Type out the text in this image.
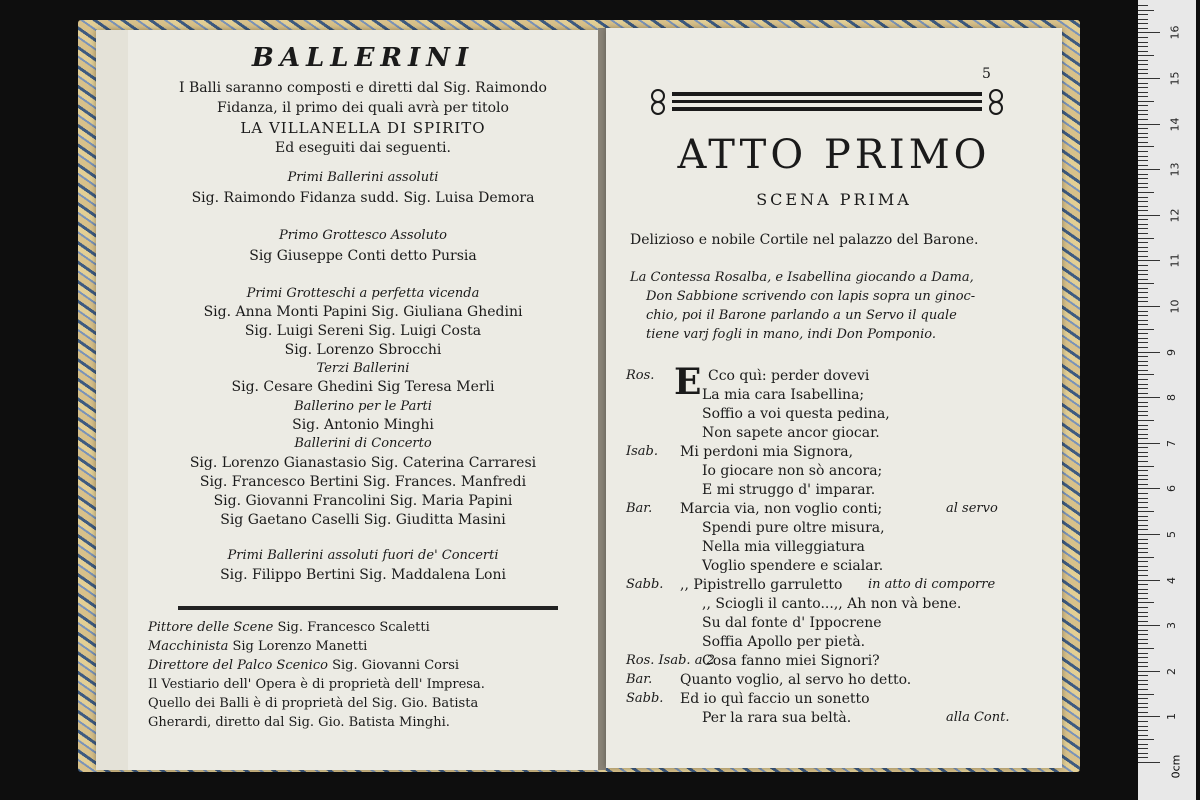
BALLERINI
I Balli saranno composti e diretti dal Sig. Raimondo
Fidanza, il primo dei quali avrà per titolo
LA VILLANELLA DI SPIRITO
Ed eseguiti dai seguenti.
Primi Ballerini assoluti
Sig. Raimondo Fidanza sudd. Sig. Luisa Demora
Primo Grottesco Assoluto
Sig Giuseppe Conti detto Pursia
Primi Grotteschi a perfetta vicenda
Sig. Anna Monti Papini Sig. Giuliana Ghedini
Sig. Luigi Sereni Sig. Luigi Costa
Sig. Lorenzo Sbrocchi
Terzi Ballerini
Sig. Cesare Ghedini Sig Teresa Merli
Ballerino per le Parti
Sig. Antonio Minghi
Ballerini di Concerto
Sig. Lorenzo Gianastasio Sig. Caterina Carraresi
Sig. Francesco Bertini Sig. Frances. Manfredi
Sig. Giovanni Francolini Sig. Maria Papini
Sig Gaetano Caselli Sig. Giuditta Masini
Primi Ballerini assoluti fuori de' Concerti
Sig. Filippo Bertini Sig. Maddalena Loni
Pittore delle Scene Sig. Francesco Scaletti
Macchinista Sig Lorenzo Manetti
Direttore del Palco Scenico Sig. Giovanni Corsi
Il Vestiario dell' Opera è di proprietà dell' Impresa.
Quello dei Balli è di proprietà del Sig. Gio. Batista
Gherardi, diretto dal Sig. Gio. Batista Minghi.
5
ATTO PRIMO
SCENA PRIMA
Delizioso e nobile Cortile nel palazzo del Barone.
La Contessa Rosalba, e Isabellina giocando a Dama,
Don Sabbione scrivendo con lapis sopra un ginoc-
chio, poi il Barone parlando a un Servo il quale
tiene varj fogli in mano, indi Don Pomponio.
E
Ros.	Cco quì: perder dovevi
La mia cara Isabellina;
Soffio a voi questa pedina,
Non sapete ancor giocar.
Isab. Mi perdoni mia Signora,
Io giocare non sò ancora;
E mi struggo d' imparar.
Bar. Marcia via, non voglio conti;	al servo
Spendi pure oltre misura,
Nella mia villeggiatura
Voglio spendere e scialar.
Sabb. ,, Pipistrello garruletto in atto di comporre
,, Sciogli il canto...,, Ah non và bene.
Su dal fonte d' Ippocrene
Soffia Apollo per pietà.
Ros. Isab. a 2
Cosa fanno miei Signori?
Bar. Quanto voglio, al servo ho detto.
Sabb. Ed io quì faccio un sonetto
Per la rara sua beltà.	alla Cont.
0cm
1
2
3
4
5
6
7
8
9
10
11
12
13
14
15
16
